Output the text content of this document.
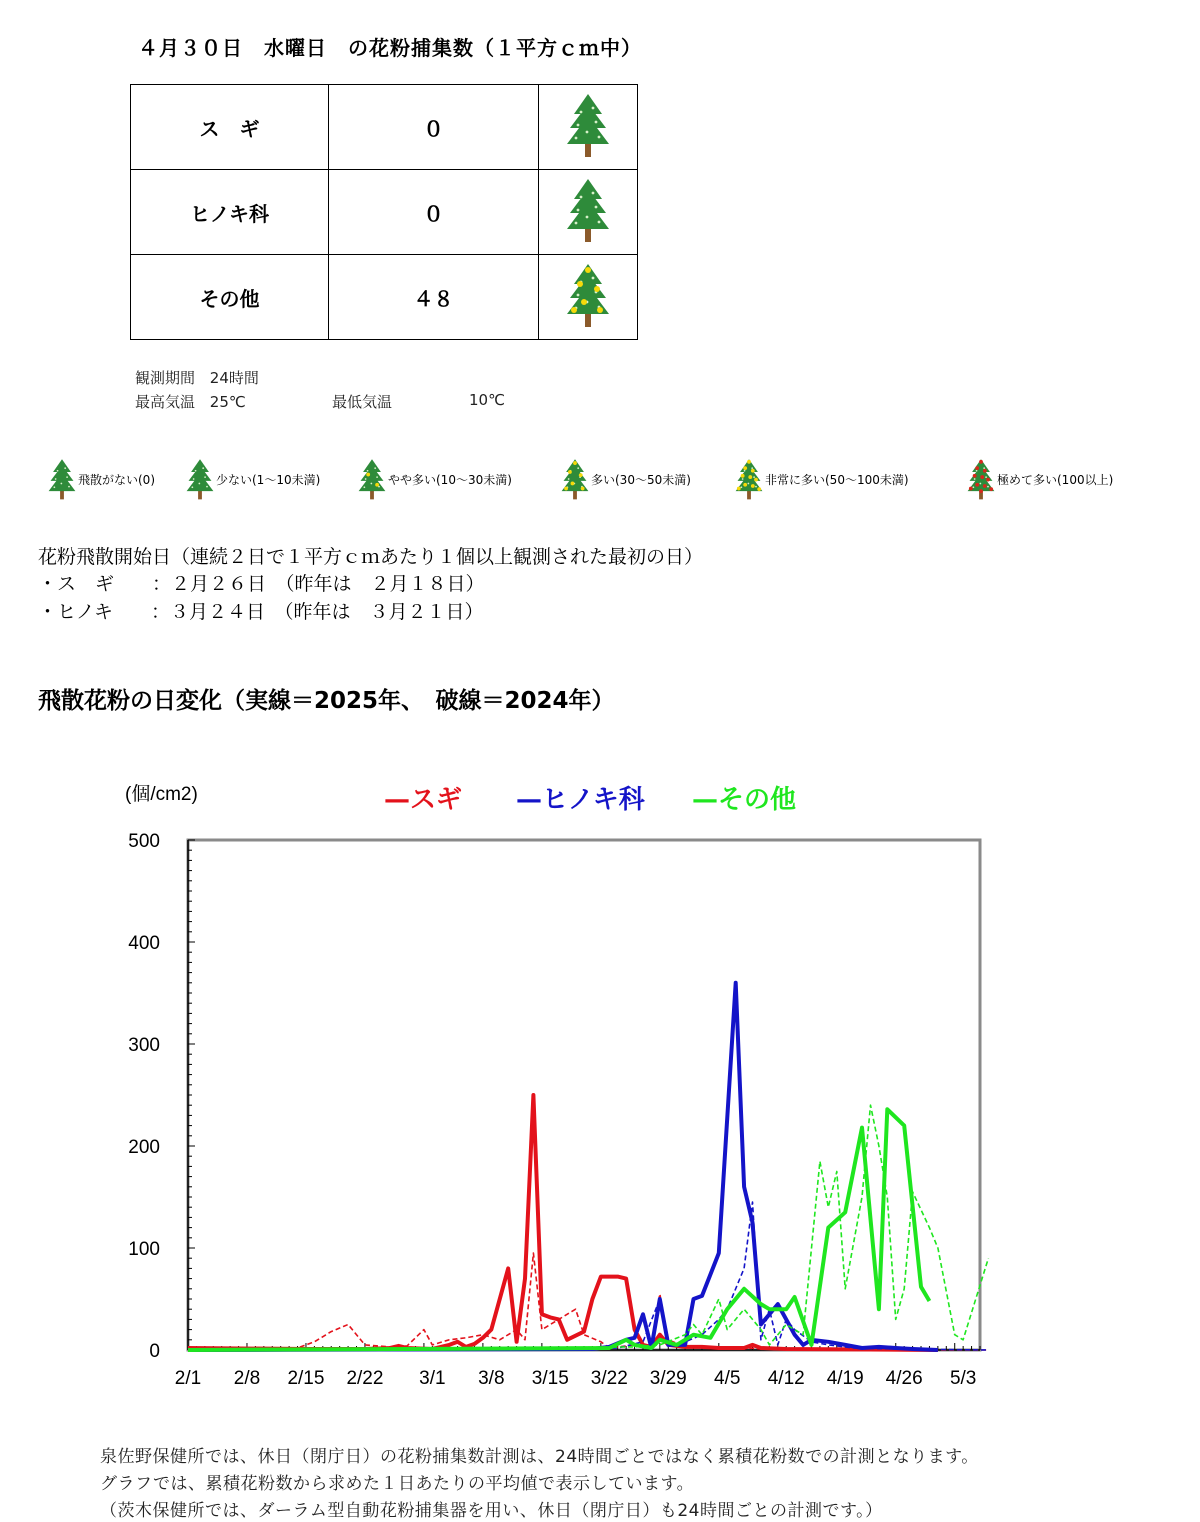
４月３０日　水曜日　の花粉捕集数（１平方ｃｍ中）
ス　ギ	０	
ヒノキ科	０	
その他	４８	
観測期間 24時間
最高気温 25℃	最低気温	10℃
飛散がない(0)	少ない(1～10未満)	やや多い(10～30未満)	多い(30～50未満)	非常に多い(50～100未満)	極めて多い(100以上)
花粉飛散開始日（連続２日で１平方ｃｍあたり１個以上観測された最初の日）
・ス　ギ　　：２月２６日　（昨年は　２月１８日）
・ヒノキ　　：３月２４日　（昨年は　３月２１日）
飛散花粉の日変化（実線＝2025年、　破線＝2024年）
0
100
200
300
400
500
2/1 2/8 2/15 2/22 3/1 3/8 3/15 3/22 3/29 4/5 4/12 4/19 4/26 5/3
(個/cm2)	—スギ —ヒノキ科 —その他
泉佐野保健所では、休日（閉庁日）の花粉捕集数計測は、24時間ごとではなく累積花粉数での計測となります。
グラフでは、累積花粉数から求めた１日あたりの平均値で表示しています。
（茨木保健所では、ダーラム型自動花粉捕集器を用い、休日（閉庁日）も24時間ごとの計測です。）
